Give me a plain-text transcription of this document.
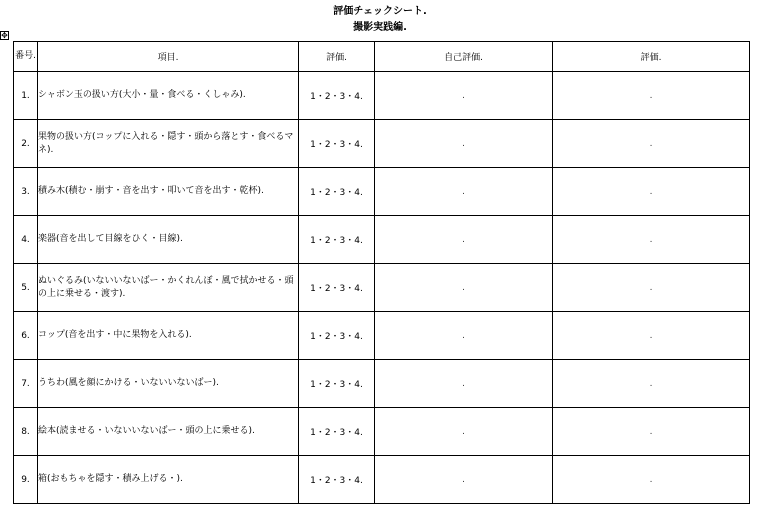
評価チェックシート.
撮影実践編.
✥
番号.	項目.	評価.	自己評価.	評価.
1.	シャボン玉の扱い方(大小・量・食べる・くしゃみ).	1・2・3・4.	.	.
2.	果物の扱い方(コップに入れる・隠す・頭から落とす・食べるマネ).	1・2・3・4.	.	.
3.	積み木(積む・崩す・音を出す・叩いて音を出す・乾杯).	1・2・3・4.	.	.
4.	楽器(音を出して目線をひく・目線).	1・2・3・4.	.	.
5.	ぬいぐるみ(いないいないばー・かくれんぼ・風で拭かせる・頭の上に乗せる・渡す).	1・2・3・4.	.	.
6.	コップ(音を出す・中に果物を入れる).	1・2・3・4.	.	.
7.	うちわ(風を顔にかける・いないいないばー).	1・2・3・4.	.	.
8.	絵本(読ませる・いないいないばー・頭の上に乗せる).	1・2・3・4.	.	.
9.	箱(おもちゃを隠す・積み上げる・).	1・2・3・4.	.	.
